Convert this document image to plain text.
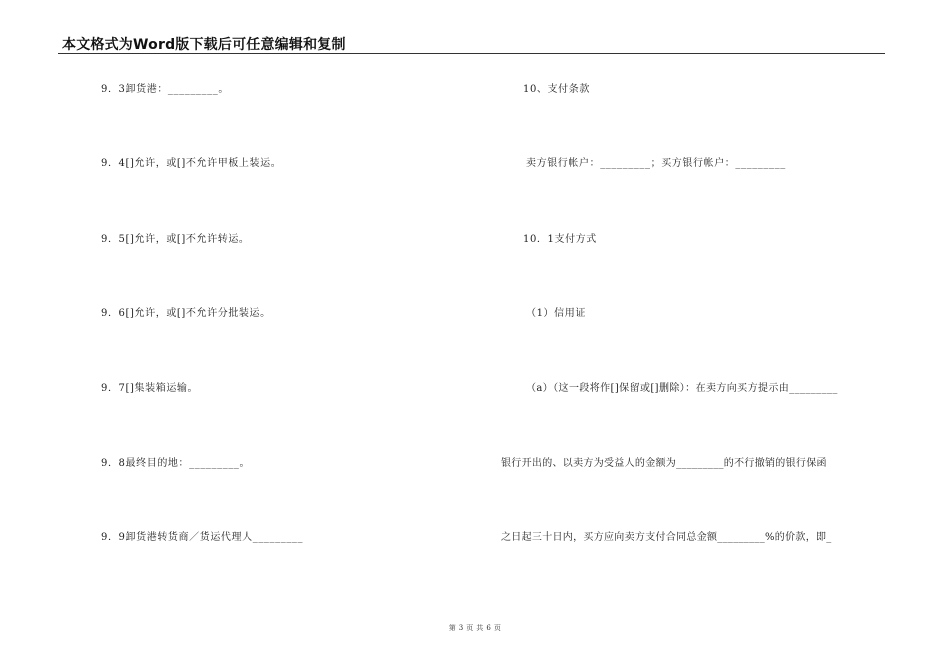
本文格式为Word版下载后可任意编辑和复制
9．3卸货港：_________。
9．4[]允许，或[]不允许甲板上装运。
9．5[]允许，或[]不允许转运。
9．6[]允许，或[]不允许分批装运。
9．7[]集装箱运输。
9．8最终目的地：_________。
9．9卸货港转货商／货运代理人_________
10、支付条款
卖方银行帐户：_________；买方银行帐户：_________
10．1支付方式
（1）信用证
（a）（这一段将作[]保留或[]删除）：在卖方向买方提示由_________
银行开出的、以卖方为受益人的金额为_________的不行撤销的银行保函
之日起三十日内，买方应向卖方支付合同总金额_________%的价款，即_
第 3 页 共 6 页
